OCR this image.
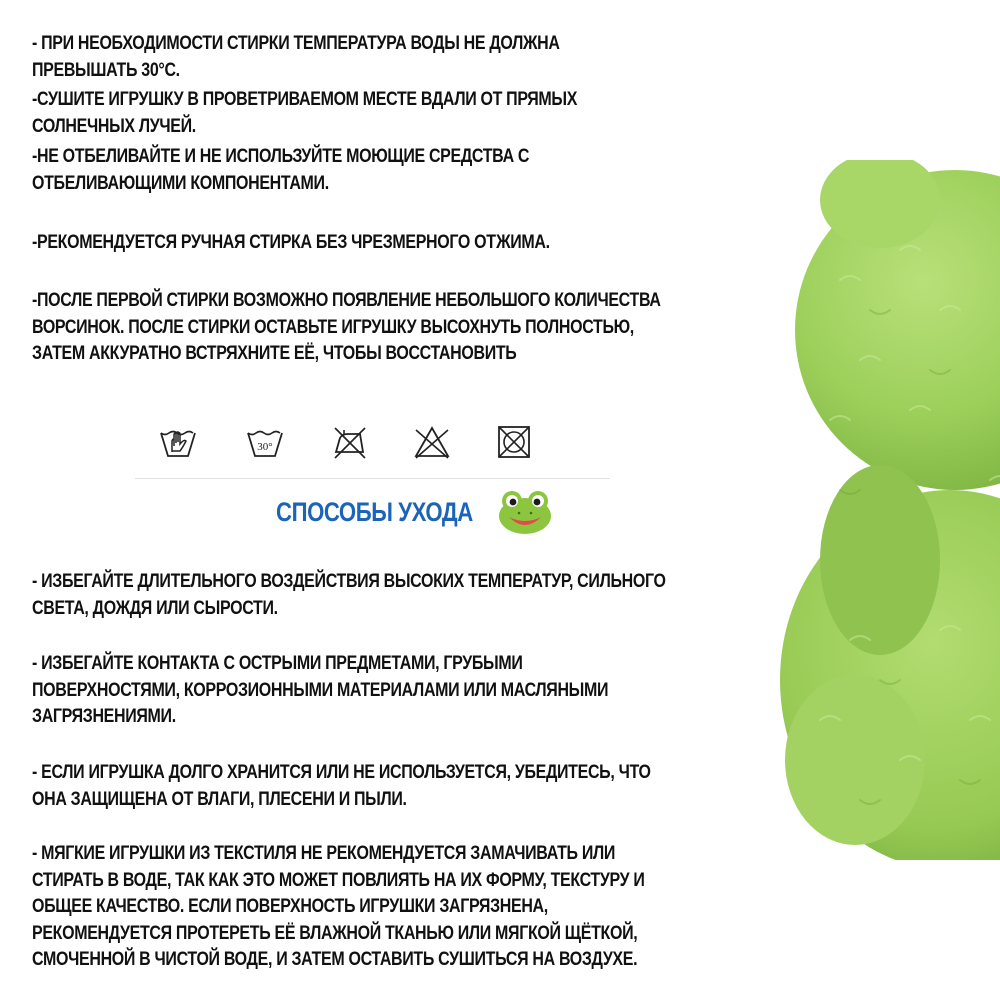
- ПРИ НЕОБХОДИМОСТИ СТИРКИ ТЕМПЕРАТУРА ВОДЫ НЕ ДОЛЖНА
ПРЕВЫШАТЬ 30°C.

-СУШИТЕ ИГРУШКУ В ПРОВЕТРИВАЕМОМ МЕСТЕ ВДАЛИ ОТ ПРЯМЫХ
СОЛНЕЧНЫХ ЛУЧЕЙ.

-НЕ ОТБЕЛИВАЙТЕ И НЕ ИСПОЛЬЗУЙТЕ МОЮЩИЕ СРЕДСТВА С
ОТБЕЛИВАЮЩИМИ КОМПОНЕНТАМИ.

-РЕКОМЕНДУЕТСЯ РУЧНАЯ СТИРКА БЕЗ ЧРЕЗМЕРНОГО ОТЖИМА.

-ПОСЛЕ ПЕРВОЙ СТИРКИ ВОЗМОЖНО ПОЯВЛЕНИЕ НЕБОЛЬШОГО КОЛИЧЕСТВА
ВОРСИНОК. ПОСЛЕ СТИРКИ ОСТАВЬТЕ ИГРУШКУ ВЫСОХНУТЬ ПОЛНОСТЬЮ,
ЗАТЕМ АККУРАТНО ВСТРЯХНИТЕ ЕЁ, ЧТОБЫ ВОССТАНОВИТЬ

30°
СПОСОБЫ УХОДА

- ИЗБЕГАЙТЕ ДЛИТЕЛЬНОГО ВОЗДЕЙСТВИЯ ВЫСОКИХ ТЕМПЕРАТУР, СИЛЬНОГО
СВЕТА, ДОЖДЯ ИЛИ СЫРОСТИ.

- ИЗБЕГАЙТЕ КОНТАКТА С ОСТРЫМИ ПРЕДМЕТАМИ, ГРУБЫМИ
ПОВЕРХНОСТЯМИ, КОРРОЗИОННЫМИ МАТЕРИАЛАМИ ИЛИ МАСЛЯНЫМИ
ЗАГРЯЗНЕНИЯМИ.

- ЕСЛИ ИГРУШКА ДОЛГО ХРАНИТСЯ ИЛИ НЕ ИСПОЛЬЗУЕТСЯ, УБЕДИТЕСЬ, ЧТО
ОНА ЗАЩИЩЕНА ОТ ВЛАГИ, ПЛЕСЕНИ И ПЫЛИ.

- МЯГКИЕ ИГРУШКИ ИЗ ТЕКСТИЛЯ НЕ РЕКОМЕНДУЕТСЯ ЗАМАЧИВАТЬ ИЛИ
СТИРАТЬ В ВОДЕ, ТАК КАК ЭТО МОЖЕТ ПОВЛИЯТЬ НА ИХ ФОРМУ, ТЕКСТУРУ И
ОБЩЕЕ КАЧЕСТВО. ЕСЛИ ПОВЕРХНОСТЬ ИГРУШКИ ЗАГРЯЗНЕНА,
РЕКОМЕНДУЕТСЯ ПРОТЕРЕТЬ ЕЁ ВЛАЖНОЙ ТКАНЬЮ ИЛИ МЯГКОЙ ЩЁТКОЙ,
СМОЧЕННОЙ В ЧИСТОЙ ВОДЕ, И ЗАТЕМ ОСТАВИТЬ СУШИТЬСЯ НА ВОЗДУХЕ.
